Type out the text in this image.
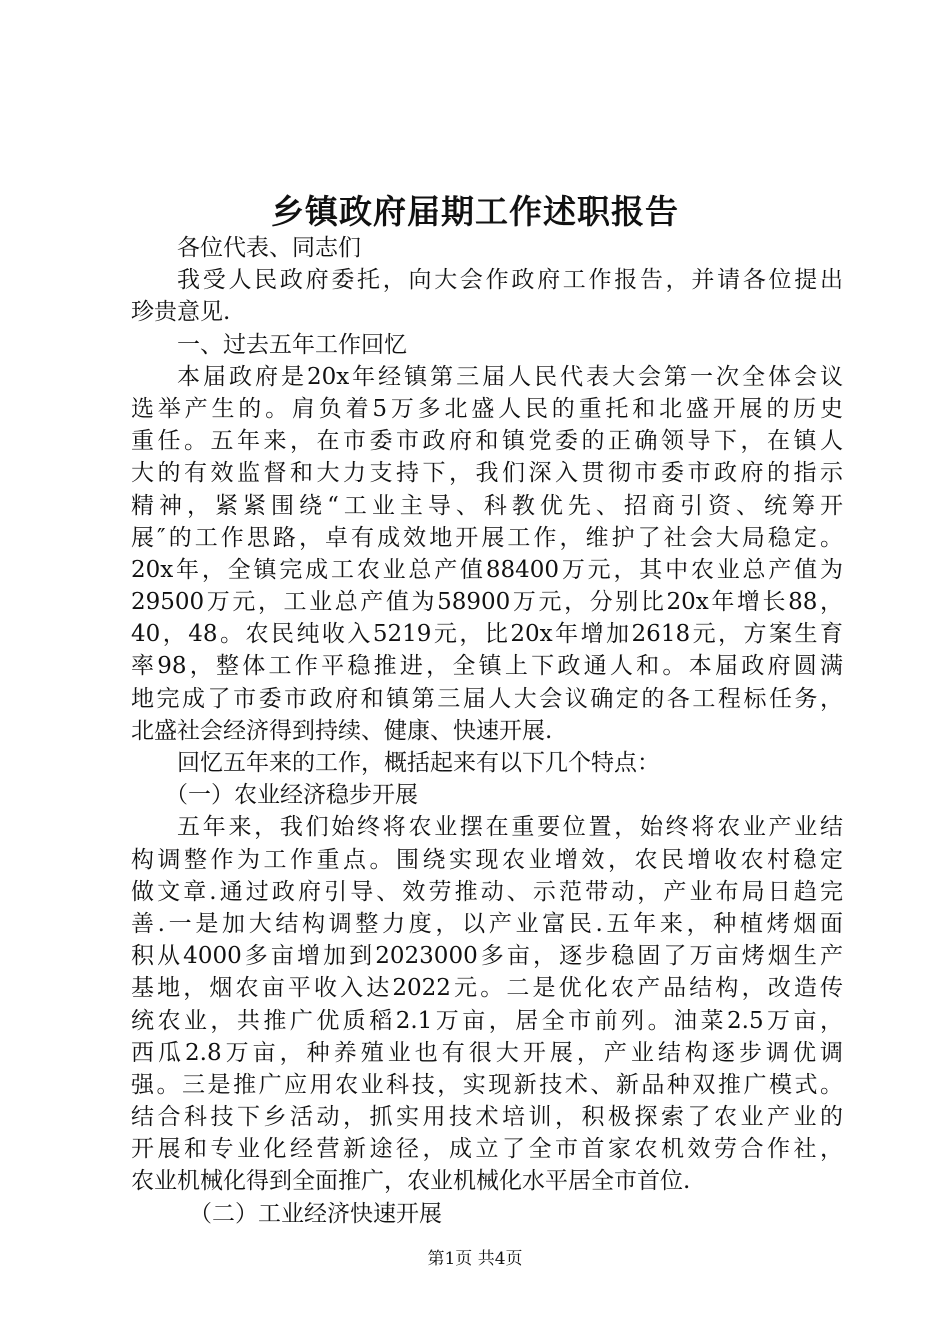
乡镇政府届期工作述职报告
各位代表、同志们
我受人民政府委托，向大会作政府工作报告，并请各位提出
珍贵意见.
一、过去五年工作回忆
本届政府是20x年经镇第三届人民代表大会第一次全体会议
选举产生的。肩负着5万多北盛人民的重托和北盛开展的历史
重任。五年来，在市委市政府和镇党委的正确领导下，在镇人
大的有效监督和大力支持下，我们深入贯彻市委市政府的指示
精神，紧紧围绕“工业主导、科教优先、招商引资、统筹开
展″的工作思路，卓有成效地开展工作，维护了社会大局稳定。
20x年，全镇完成工农业总产值88400万元，其中农业总产值为
29500万元，工业总产值为58900万元，分别比20x年增长88，
40，48。农民纯收入5219元，比20x年增加2618元，方案生育
率98，整体工作平稳推进，全镇上下政通人和。本届政府圆满
地完成了市委市政府和镇第三届人大会议确定的各工程标任务，
北盛社会经济得到持续、健康、快速开展.
回忆五年来的工作，概括起来有以下几个特点：
（一）农业经济稳步开展
五年来，我们始终将农业摆在重要位置，始终将农业产业结
构调整作为工作重点。围绕实现农业增效，农民增收农村稳定
做文章.通过政府引导、效劳推动、示范带动，产业布局日趋完
善.一是加大结构调整力度，以产业富民.五年来，种植烤烟面
积从4000多亩增加到2023000多亩，逐步稳固了万亩烤烟生产
基地，烟农亩平收入达2022元。二是优化农产品结构，改造传
统农业，共推广优质稻2.1万亩，居全市前列。油菜2.5万亩，
西瓜2.8万亩，种养殖业也有很大开展，产业结构逐步调优调
强。三是推广应用农业科技，实现新技术、新品种双推广模式。
结合科技下乡活动，抓实用技术培训，积极探索了农业产业的
开展和专业化经营新途径，成立了全市首家农机效劳合作社，
农业机械化得到全面推广，农业机械化水平居全市首位.
（二）工业经济快速开展
第1页 共4页
